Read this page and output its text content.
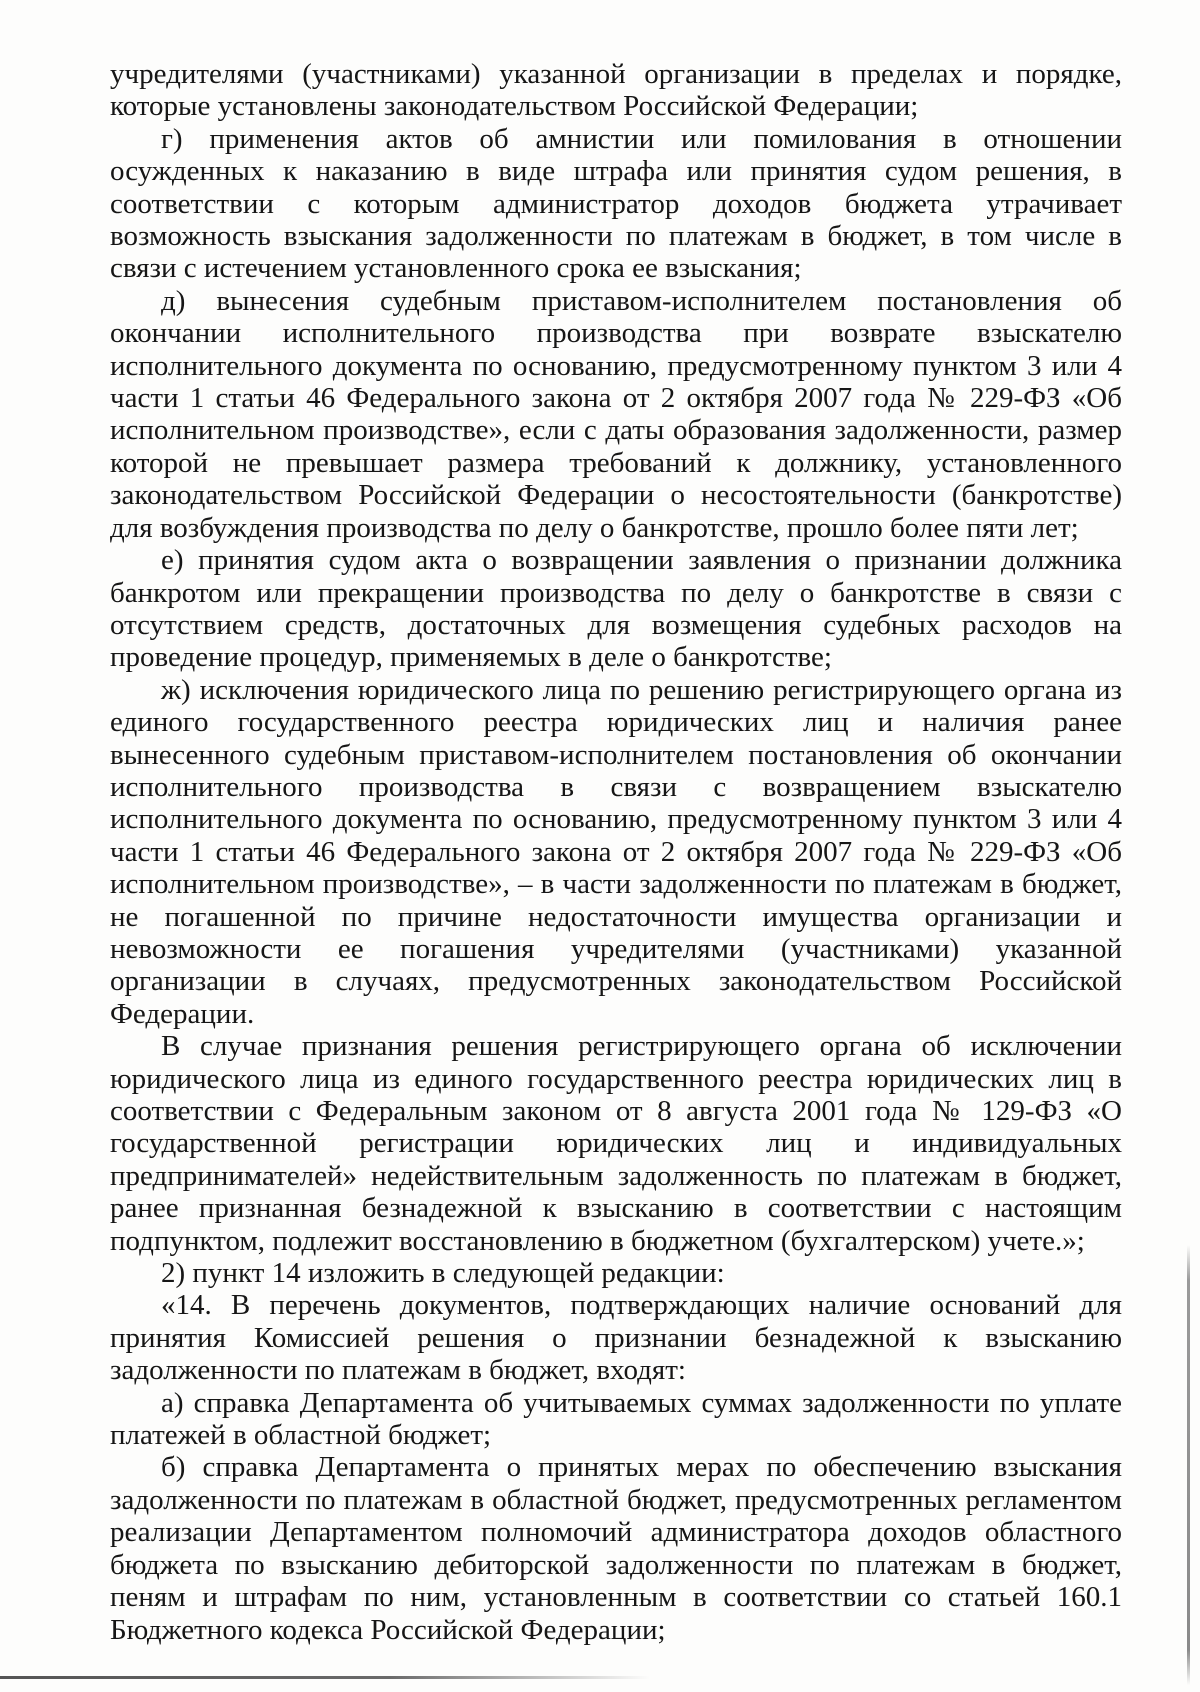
учредителями (участниками) указанной организации в пределах и порядке, которые установлены законодательством Российской Федерации;

г) применения актов об амнистии или помилования в отношении осужденных к наказанию в виде штрафа или принятия судом решения, в соответствии с которым администратор доходов бюджета утрачивает возможность взыскания задолженности по платежам в бюджет, в том числе в связи с истечением установленного срока ее взыскания;

д) вынесения судебным приставом-исполнителем постановления об окончании исполнительного производства при возврате взыскателю исполнительного документа по основанию, предусмотренному пунктом 3 или 4 части 1 статьи 46 Федерального закона от 2 октября 2007 года № 229-ФЗ «Об исполнительном производстве», если с даты образования задолженности, размер которой не превышает размера требований к должнику, установленного законодательством Российской Федерации о несостоятельности (банкротстве) для возбуждения производства по делу о банкротстве, прошло более пяти лет;

е) принятия судом акта о возвращении заявления о признании должника банкротом или прекращении производства по делу о банкротстве в связи с отсутствием средств, достаточных для возмещения судебных расходов на проведение процедур, применяемых в деле о банкротстве;

ж) исключения юридического лица по решению регистрирующего органа из единого государственного реестра юридических лиц и наличия ранее вынесенного судебным приставом-исполнителем постановления об окончании исполнительного производства в связи с возвращением взыскателю исполнительного документа по основанию, предусмотренному пунктом 3 или 4 части 1 статьи 46 Федерального закона от 2 октября 2007 года № 229-ФЗ «Об исполнительном производстве», – в части задолженности по платежам в бюджет, не погашенной по причине недостаточности имущества организации и невозможности ее погашения учредителями (участниками) указанной организации в случаях, предусмотренных законодательством Российской Федерации.

В случае признания решения регистрирующего органа об исключении юридического лица из единого государственного реестра юридических лиц в соответствии с Федеральным законом от 8 августа 2001 года № 129-ФЗ «О государственной регистрации юридических лиц и индивидуальных предпринимателей» недействительным задолженность по платежам в бюджет, ранее признанная безнадежной к взысканию в соответствии с настоящим подпунктом, подлежит восстановлению в бюджетном (бухгалтерском) учете.»;

2) пункт 14 изложить в следующей редакции:

«14. В перечень документов, подтверждающих наличие оснований для принятия Комиссией решения о признании безнадежной к взысканию задолженности по платежам в бюджет, входят:

а) справка Департамента об учитываемых суммах задолженности по уплате платежей в областной бюджет;

б) справка Департамента о принятых мерах по обеспечению взыскания задолженности по платежам в областной бюджет, предусмотренных регламентом реализации Департаментом полномочий администратора доходов областного бюджета по взысканию дебиторской задолженности по платежам в бюджет, пеням и штрафам по ним, установленным в соответствии со статьей 160.1 Бюджетного кодекса Российской Федерации;
